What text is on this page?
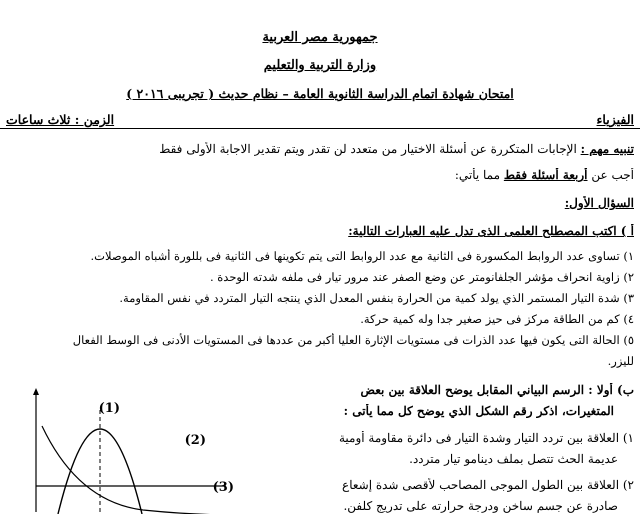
جمهورية مصر العربية
وزارة التربية والتعليم
امتحان شهادة اتمام الدراسة الثانوية العامة – نظام حديث ( تجريبى ٢٠١٦ )
الفيزياء
الزمن : ثلاث ساعات
تنبيه مهم : الإجابات المتكررة عن أسئلة الاختيار من متعدد لن تقدر ويتم تقدير الاجابة الأولى فقط
أجب عن أربعة أسئلة فقط مما يأتي:
السؤال الأول:
أ ) اكتب المصطلح العلمى الذى تدل عليه العبارات التالية:
١) تساوى عدد الروابط المكسورة فى الثانية مع عدد الروابط التى يتم تكوينها فى الثانية فى بللورة أشباه الموصلات.
٢) زاوية انحراف مؤشر الجلفانومتر عن وضع الصفر عند مرور تيار فى ملفه شدته الوحدة .
٣) شدة التيار المستمر الذي يولد كمية من الحرارة بنفس المعدل الذي ينتجه التيار المتردد في نفس المقاومة.
٤) كم من الطاقة مركز فى حيز صغير جدا وله كمية حركة.
٥) الحالة التى يكون فيها عدد الذرات فى مستويات الإثارة العليا أكبر من عددها فى المستويات الأدنى فى الوسط الفعال
لليزر.
ب) أولا : الرسم البياني المقابل يوضح العلاقة بين بعض
المتغيرات، اذكر رقم الشكل الذي يوضح كل مما يأتى :
١) العلاقة بين تردد التيار وشدة التيار فى دائرة مقاومة أومية
عديمة الحث تتصل بملف دينامو تيار متردد.
٢) العلاقة بين الطول الموجى المصاحب لأقصى شدة إشعاع
صادرة عن جسم ساخن ودرجة حرارته على تدريج كلفن.
(1)
(2)
(3)
